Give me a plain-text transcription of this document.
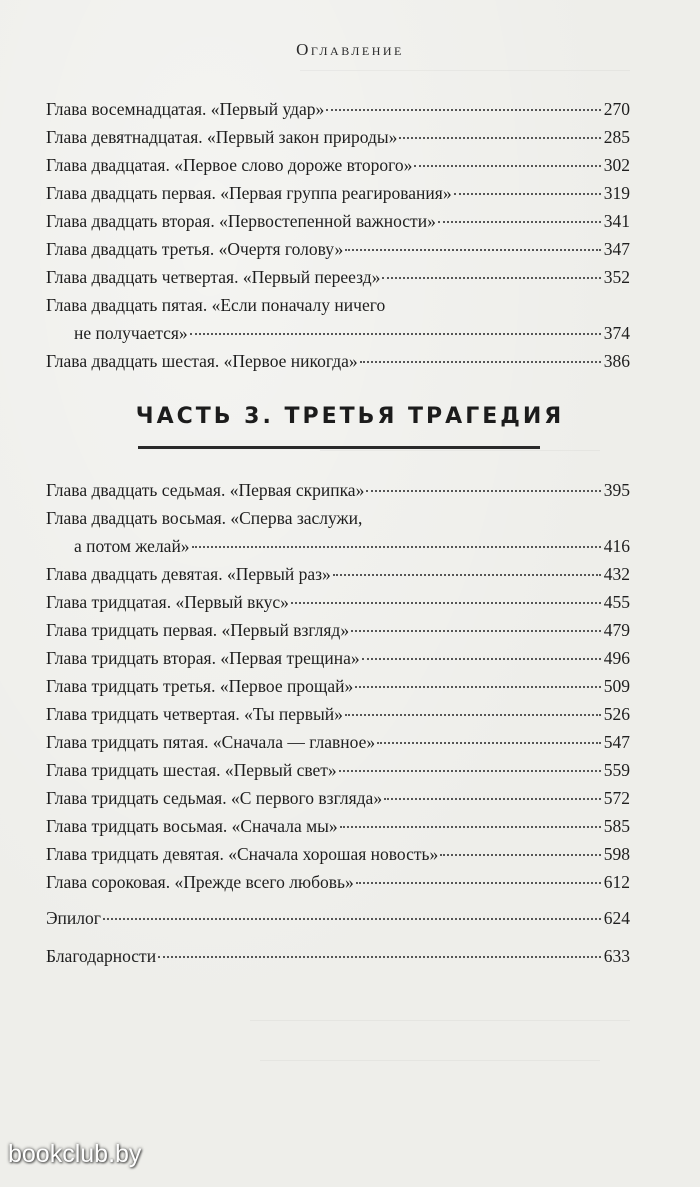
Оглавление
Глава восемнадцатая. «Первый удар»	270
Глава девятнадцатая. «Первый закон природы»	285
Глава двадцатая. «Первое слово дороже второго»	302
Глава двадцать первая. «Первая группа реагирования»	319
Глава двадцать вторая. «Первостепенной важности»	341
Глава двадцать третья. «Очертя голову»	347
Глава двадцать четвертая. «Первый переезд»	352
Глава двадцать пятая. «Если поначалу ничего
не получается»	374
Глава двадцать шестая. «Первое никогда»	386
ЧАСТЬ 3. ТРЕТЬЯ ТРАГЕДИЯ
Глава двадцать седьмая. «Первая скрипка»	395
Глава двадцать восьмая. «Сперва заслужи,
а потом желай»	416
Глава двадцать девятая. «Первый раз»	432
Глава тридцатая. «Первый вкус»	455
Глава тридцать первая. «Первый взгляд»	479
Глава тридцать вторая. «Первая трещина»	496
Глава тридцать третья. «Первое прощай»	509
Глава тридцать четвертая. «Ты первый»	526
Глава тридцать пятая. «Сначала — главное»	547
Глава тридцать шестая. «Первый свет»	559
Глава тридцать седьмая. «С первого взгляда»	572
Глава тридцать восьмая. «Сначала мы»	585
Глава тридцать девятая. «Сначала хорошая новость»	598
Глава сороковая. «Прежде всего любовь»	612
Эпилог	624
Благодарности	633
bookclub.by
